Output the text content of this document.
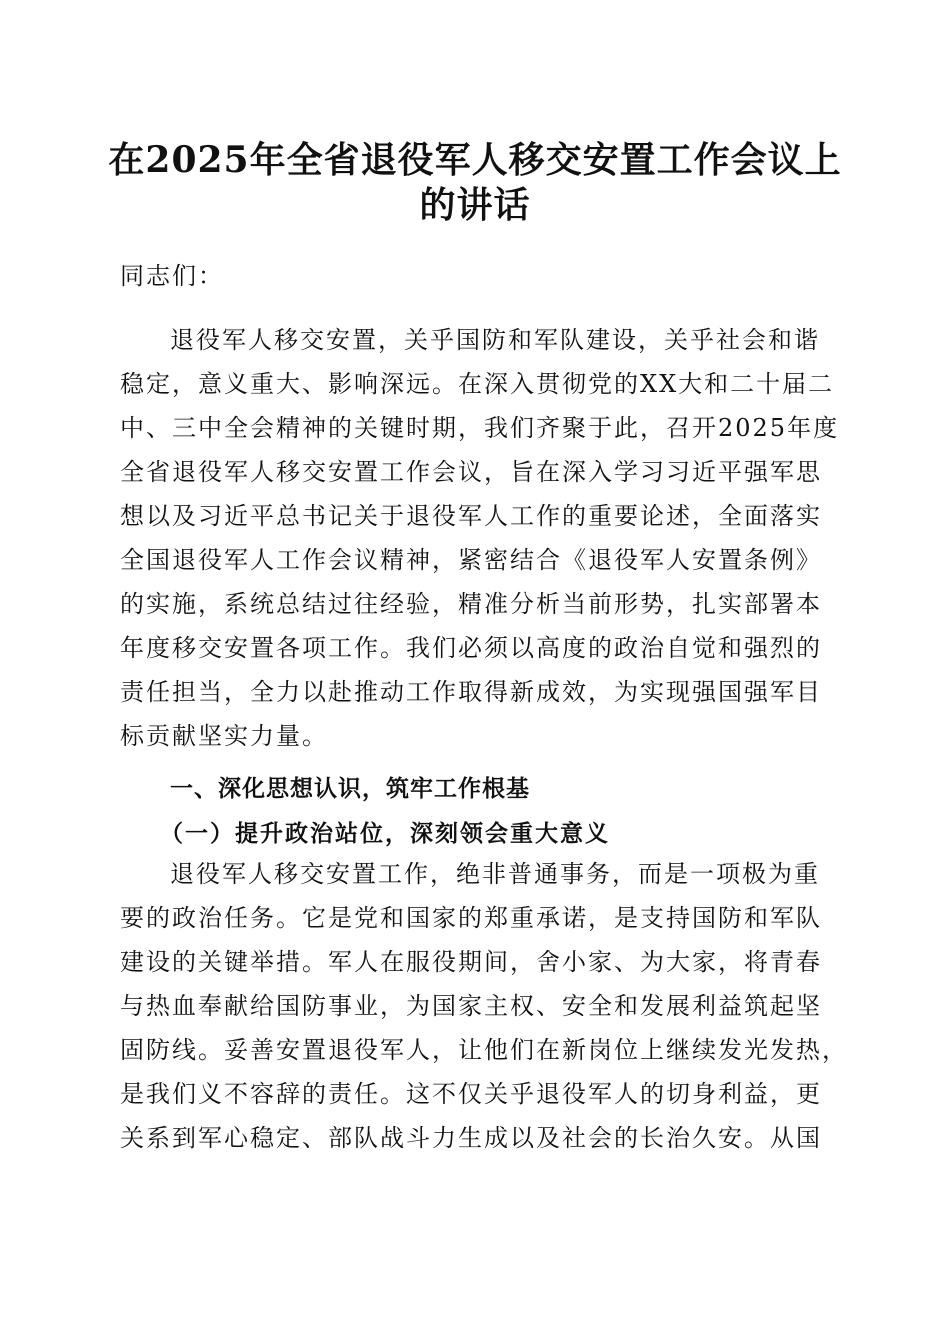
在2025年全省退役军人移交安置工作会议上
的讲话

同志们：

退役军人移交安置，关乎国防和军队建设，关乎社会和谐
稳定，意义重大、影响深远。在深入贯彻党的XX大和二十届二
中、三中全会精神的关键时期，我们齐聚于此，召开2025年度
全省退役军人移交安置工作会议，旨在深入学习习近平强军思
想以及习近平总书记关于退役军人工作的重要论述，全面落实
全国退役军人工作会议精神，紧密结合《退役军人安置条例》
的实施，系统总结过往经验，精准分析当前形势，扎实部署本
年度移交安置各项工作。我们必须以高度的政治自觉和强烈的
责任担当，全力以赴推动工作取得新成效，为实现强国强军目
标贡献坚实力量。
一、深化思想认识，筑牢工作根基
（一）提升政治站位，深刻领会重大意义
退役军人移交安置工作，绝非普通事务，而是一项极为重
要的政治任务。它是党和国家的郑重承诺，是支持国防和军队
建设的关键举措。军人在服役期间，舍小家、为大家，将青春
与热血奉献给国防事业，为国家主权、安全和发展利益筑起坚
固防线。妥善安置退役军人，让他们在新岗位上继续发光发热，
是我们义不容辞的责任。这不仅关乎退役军人的切身利益，更
关系到军心稳定、部队战斗力生成以及社会的长治久安。从国
